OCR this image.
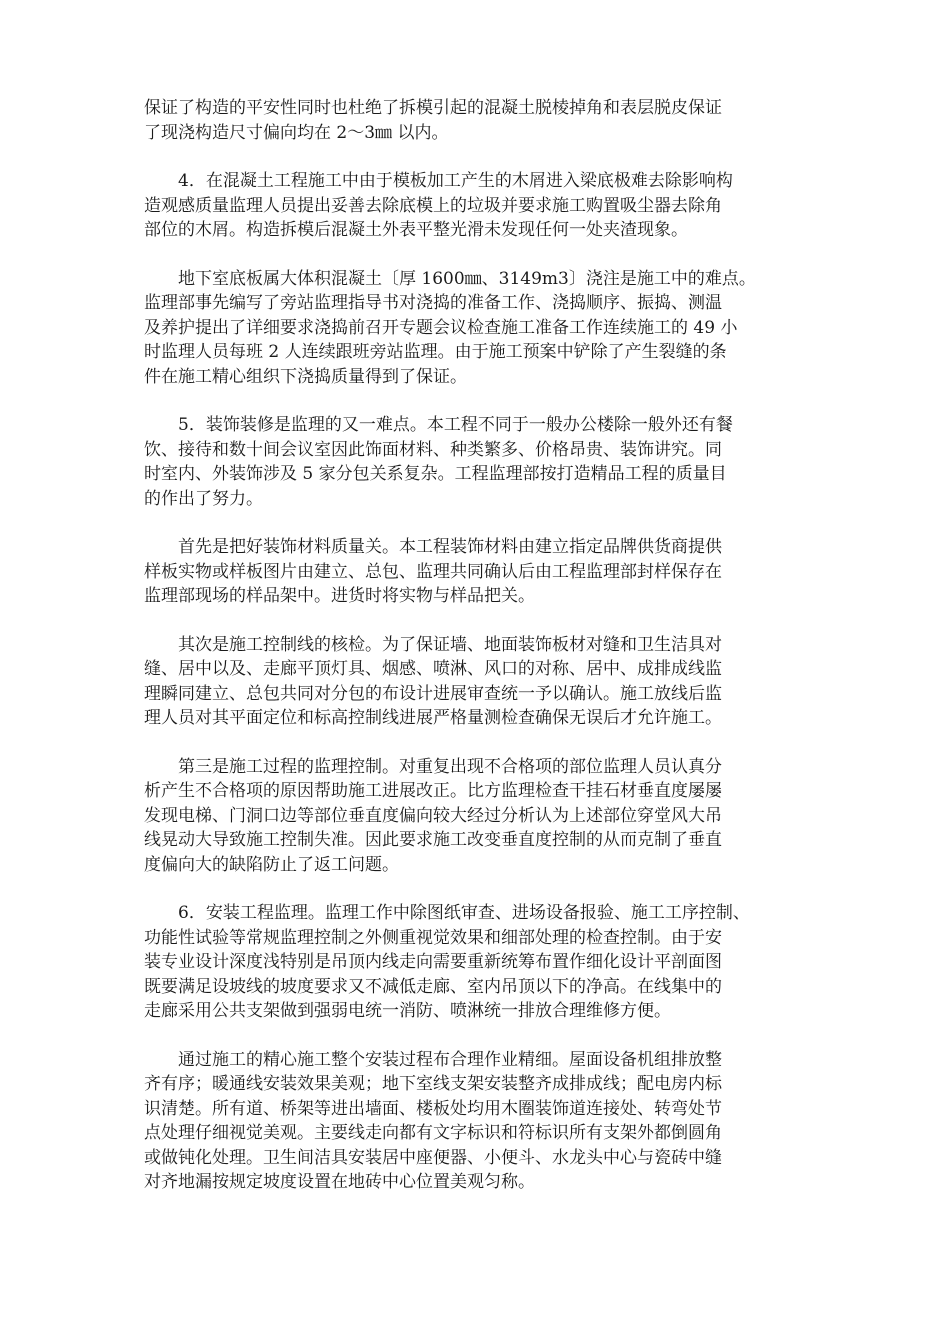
保证了构造的平安性同时也杜绝了拆模引起的混凝土脱棱掉角和表层脱皮保证
了现浇构造尺寸偏向均在 2～3㎜ 以内。

4．在混凝土工程施工中由于模板加工产生的木屑进入梁底极难去除影响构
造观感质量监理人员提出妥善去除底模上的垃圾并要求施工购置吸尘器去除角
部位的木屑。构造拆模后混凝土外表平整光滑未发现任何一处夹渣现象。

地下室底板属大体积混凝土〔厚 1600㎜、3149m3〕浇注是施工中的难点。
监理部事先编写了旁站监理指导书对浇捣的准备工作、浇捣顺序、振捣、测温
及养护提出了详细要求浇捣前召开专题会议检查施工准备工作连续施工的 49 小
时监理人员每班 2 人连续跟班旁站监理。由于施工预案中铲除了产生裂缝的条
件在施工精心组织下浇捣质量得到了保证。

5．装饰装修是监理的又一难点。本工程不同于一般办公楼除一般外还有餐
饮、接待和数十间会议室因此饰面材料、种类繁多、价格昂贵、装饰讲究。同
时室内、外装饰涉及 5 家分包关系复杂。工程监理部按打造精品工程的质量目
的作出了努力。

首先是把好装饰材料质量关。本工程装饰材料由建立指定品牌供货商提供
样板实物或样板图片由建立、总包、监理共同确认后由工程监理部封样保存在
监理部现场的样品架中。进货时将实物与样品把关。

其次是施工控制线的核检。为了保证墙、地面装饰板材对缝和卫生洁具对
缝、居中以及、走廊平顶灯具、烟感、喷淋、风口的对称、居中、成排成线监
理瞬同建立、总包共同对分包的布设计进展审查统一予以确认。施工放线后监
理人员对其平面定位和标高控制线进展严格量测检查确保无误后才允许施工。

第三是施工过程的监理控制。对重复出现不合格项的部位监理人员认真分
析产生不合格项的原因帮助施工进展改正。比方监理检查干挂石材垂直度屡屡
发现电梯、门洞口边等部位垂直度偏向较大经过分析认为上述部位穿堂风大吊
线晃动大导致施工控制失准。因此要求施工改变垂直度控制的从而克制了垂直
度偏向大的缺陷防止了返工问题。

6．安装工程监理。监理工作中除图纸审查、进场设备报验、施工工序控制、
功能性试验等常规监理控制之外侧重视觉效果和细部处理的检查控制。由于安
装专业设计深度浅特别是吊顶内线走向需要重新统筹布置作细化设计平剖面图
既要满足设坡线的坡度要求又不减低走廊、室内吊顶以下的净高。在线集中的
走廊采用公共支架做到强弱电统一消防、喷淋统一排放合理维修方便。

通过施工的精心施工整个安装过程布合理作业精细。屋面设备机组排放整
齐有序；暖通线安装效果美观；地下室线支架安装整齐成排成线；配电房内标
识清楚。所有道、桥架等进出墙面、楼板处均用木圈装饰道连接处、转弯处节
点处理仔细视觉美观。主要线走向都有文字标识和符标识所有支架外都倒圆角
或做钝化处理。卫生间洁具安装居中座便器、小便斗、水龙头中心与瓷砖中缝
对齐地漏按规定坡度设置在地砖中心位置美观匀称。
